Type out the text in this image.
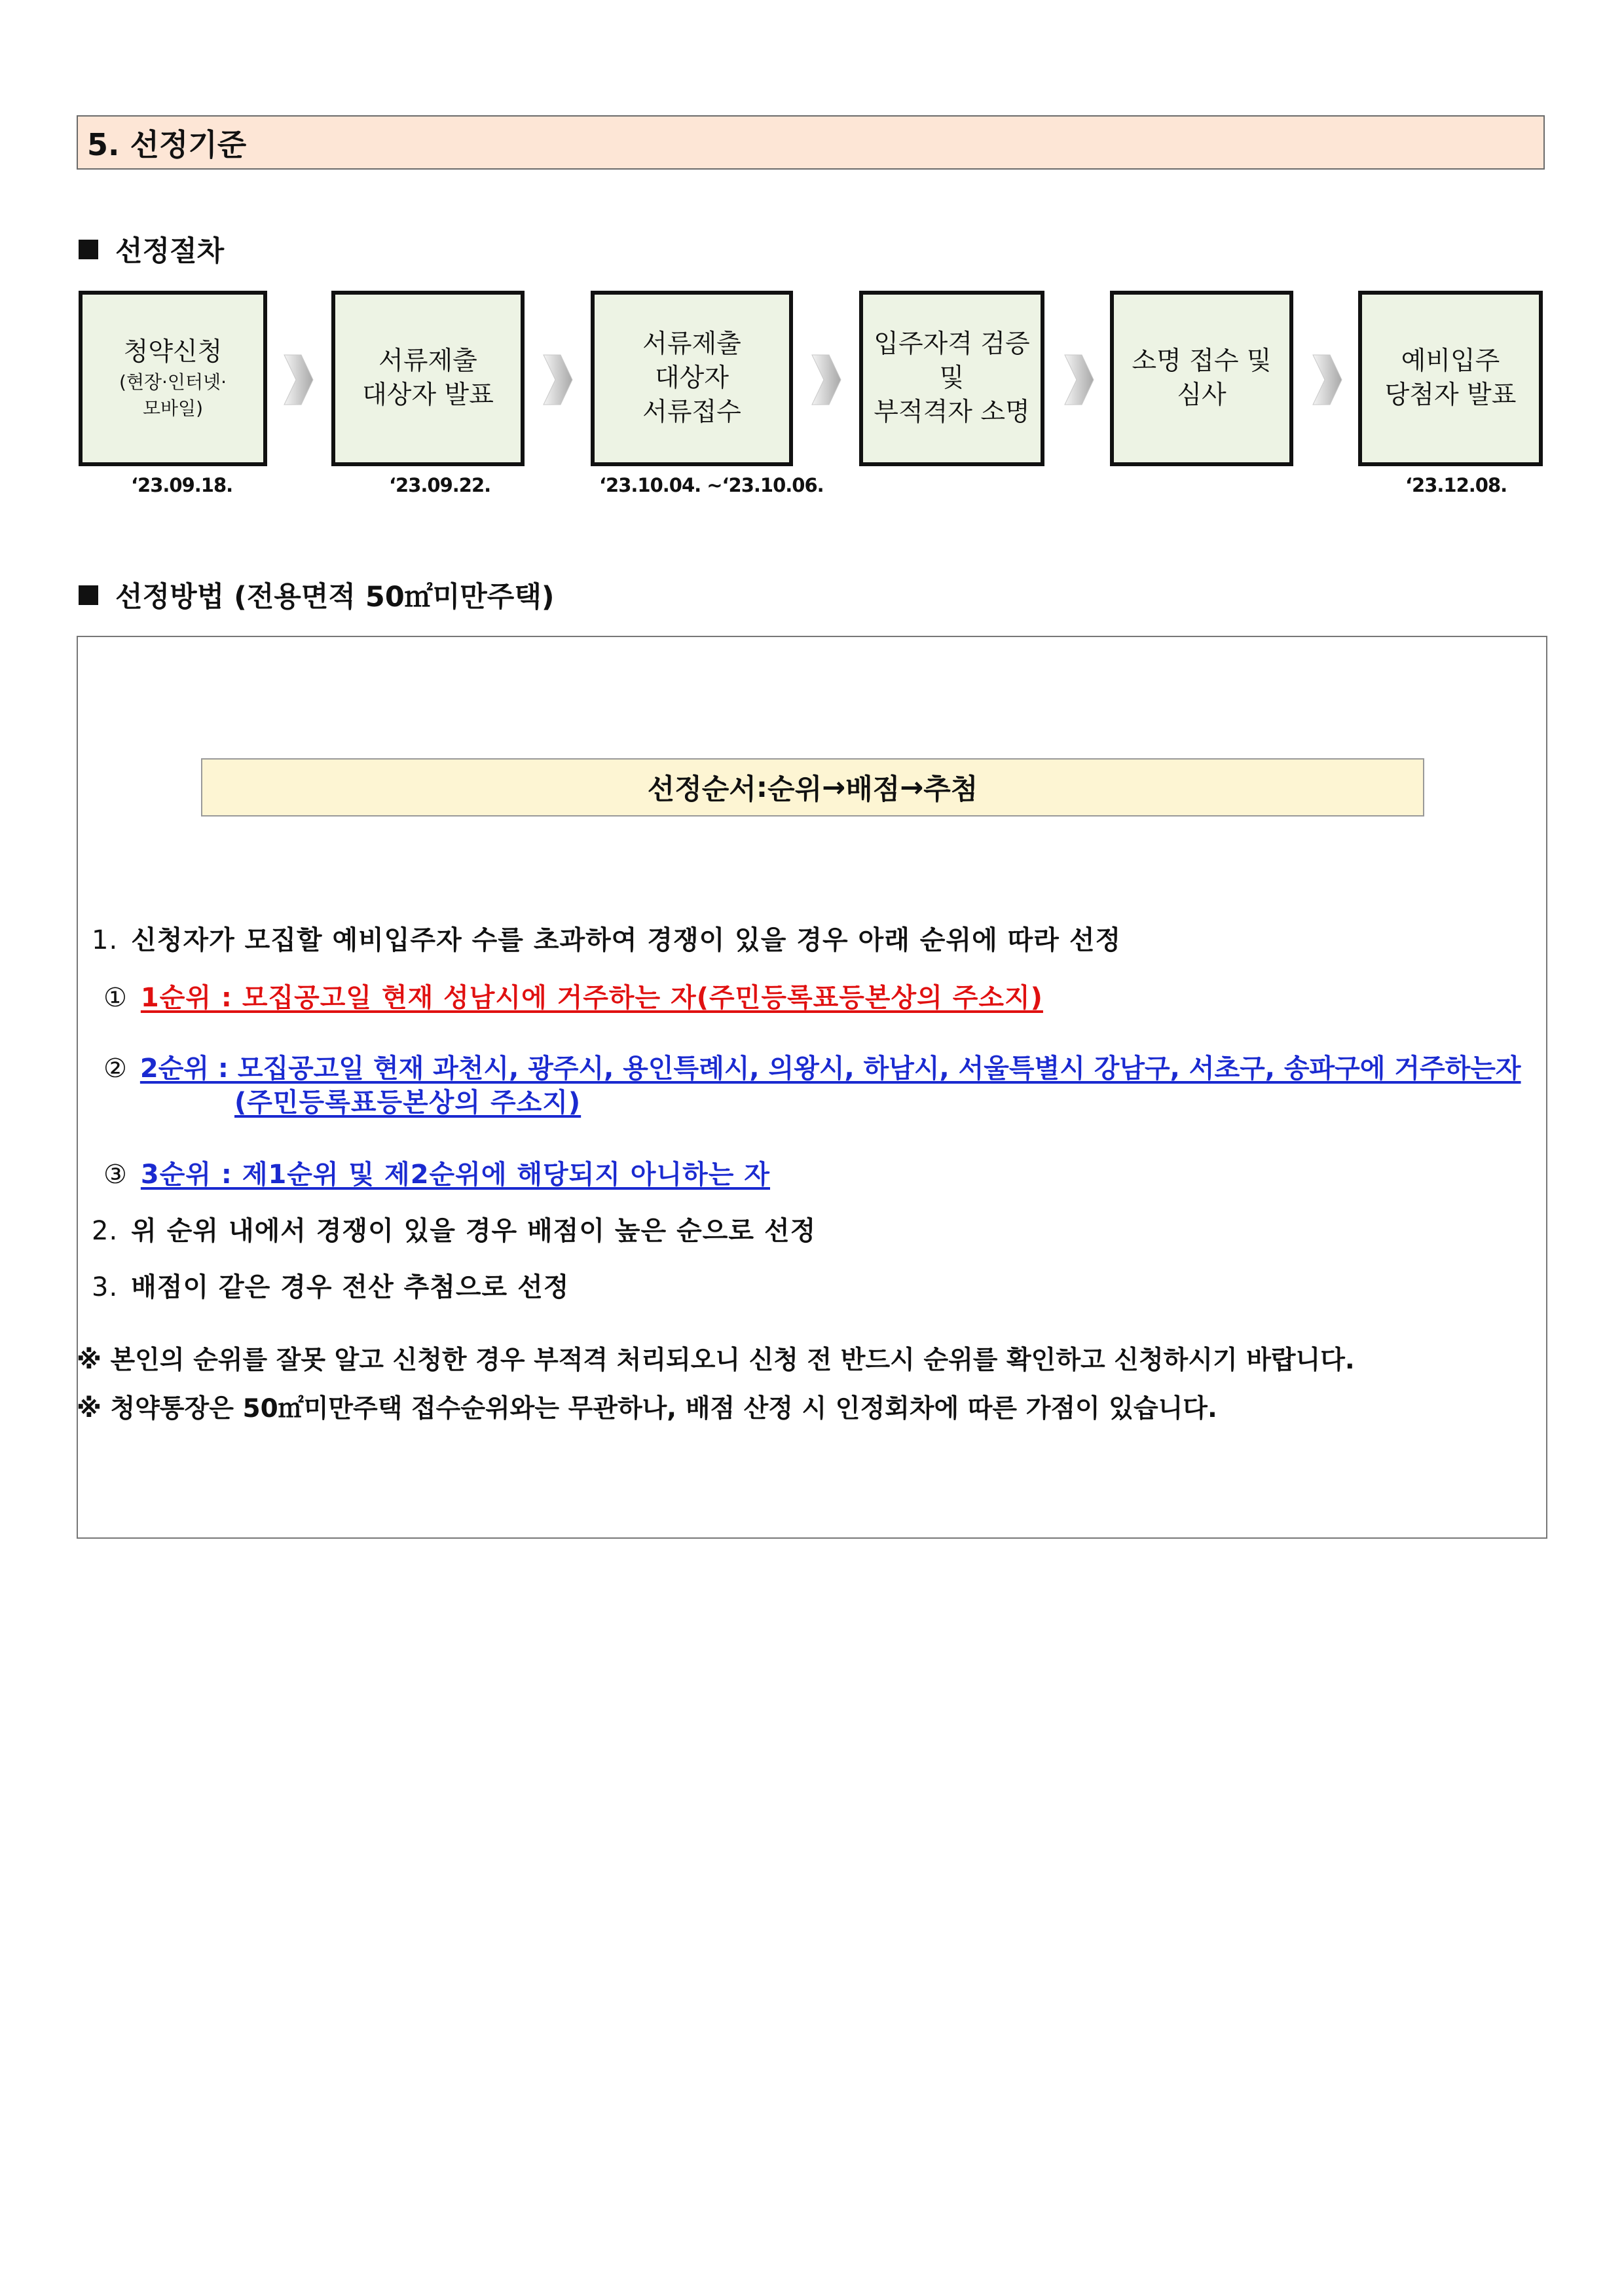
5. 선정기준
선정절차
청약신청
(현장·인터넷·
모바일)
서류제출
대상자 발표
서류제출
대상자
서류접수
입주자격 검증
및
부적격자 소명
소명 접수 및
심사
예비입주
당첨자 발표
‘23.09.18.	‘23.09.22.	‘23.10.04. ~‘23.10.06.	‘23.12.08.
선정방법 (전용면적 50㎡미만주택)
선정순서 : 순위 → 배점 → 추첨
1. 신청자가 모집할 예비입주자 수를 초과하여 경쟁이 있을 경우 아래 순위에 따라 선정
① 1순위 : 모집공고일 현재 성남시에 거주하는 자(주민등록표등본상의 주소지)
② 2순위 : 모집공고일 현재 과천시, 광주시, 용인특례시, 의왕시, 하남시, 서울특별시 강남구, 서초구, 송파구에 거주하는자
(주민등록표등본상의 주소지)
③ 3순위 : 제1순위 및 제2순위에 해당되지 아니하는 자
2. 위 순위 내에서 경쟁이 있을 경우 배점이 높은 순으로 선정
3. 배점이 같은 경우 전산 추첨으로 선정
※ 본인의 순위를 잘못 알고 신청한 경우 부적격 처리되오니 신청 전 반드시 순위를 확인하고 신청하시기 바랍니다.
※ 청약통장은 50㎡미만주택 접수순위와는 무관하나, 배점 산정 시 인정회차에 따른 가점이 있습니다.
